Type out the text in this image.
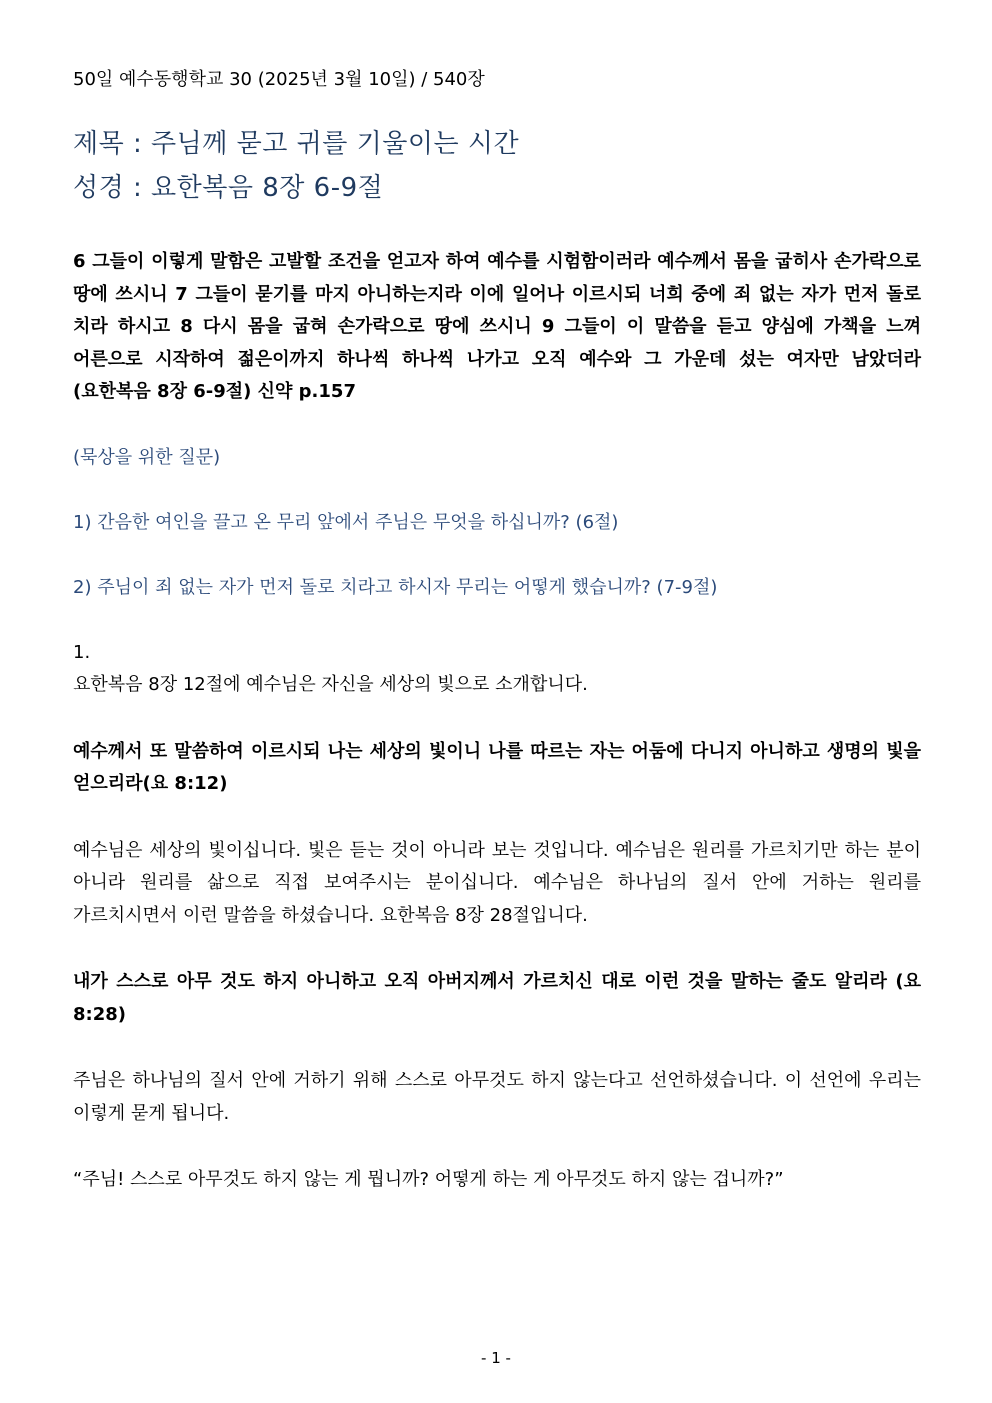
50일 예수동행학교 30 (2025년 3월 10일) / 540장

제목 : 주님께 묻고 귀를 기울이는 시간

성경 : 요한복음 8장 6-9절

6 그들이 이렇게 말함은 고발할 조건을 얻고자 하여 예수를 시험함이러라 예수께서 몸을 굽히사 손가락으로 땅에 쓰시니 7 그들이 묻기를 마지 아니하는지라 이에 일어나 이르시되 너희 중에 죄 없는 자가 먼저 돌로 치라 하시고 8 다시 몸을 굽혀 손가락으로 땅에 쓰시니 9 그들이 이 말씀을 듣고 양심에 가책을 느껴 어른으로 시작하여 젊은이까지 하나씩 하나씩 나가고 오직 예수와 그 가운데 섰는 여자만 남았더라 (요한복음 8장 6-9절) 신약 p.157

(묵상을 위한 질문)

1) 간음한 여인을 끌고 온 무리 앞에서 주님은 무엇을 하십니까? (6절)

2) 주님이 죄 없는 자가 먼저 돌로 치라고 하시자 무리는 어떻게 했습니까? (7-9절)

1.

요한복음 8장 12절에 예수님은 자신을 세상의 빛으로 소개합니다.

예수께서 또 말씀하여 이르시되 나는 세상의 빛이니 나를 따르는 자는 어둠에 다니지 아니하고 생명의 빛을 얻으리라(요 8:12)

예수님은 세상의 빛이십니다. 빛은 듣는 것이 아니라 보는 것입니다. 예수님은 원리를 가르치기만 하는 분이 아니라 원리를 삶으로 직접 보여주시는 분이십니다. 예수님은 하나님의 질서 안에 거하는 원리를 가르치시면서 이런 말씀을 하셨습니다. 요한복음 8장 28절입니다.

내가 스스로 아무 것도 하지 아니하고 오직 아버지께서 가르치신 대로 이런 것을 말하는 줄도 알리라 (요 8:28)

주님은 하나님의 질서 안에 거하기 위해 스스로 아무것도 하지 않는다고 선언하셨습니다. 이 선언에 우리는 이렇게 묻게 됩니다.

“주님! 스스로 아무것도 하지 않는 게 뭡니까? 어떻게 하는 게 아무것도 하지 않는 겁니까?”

- 1 -
